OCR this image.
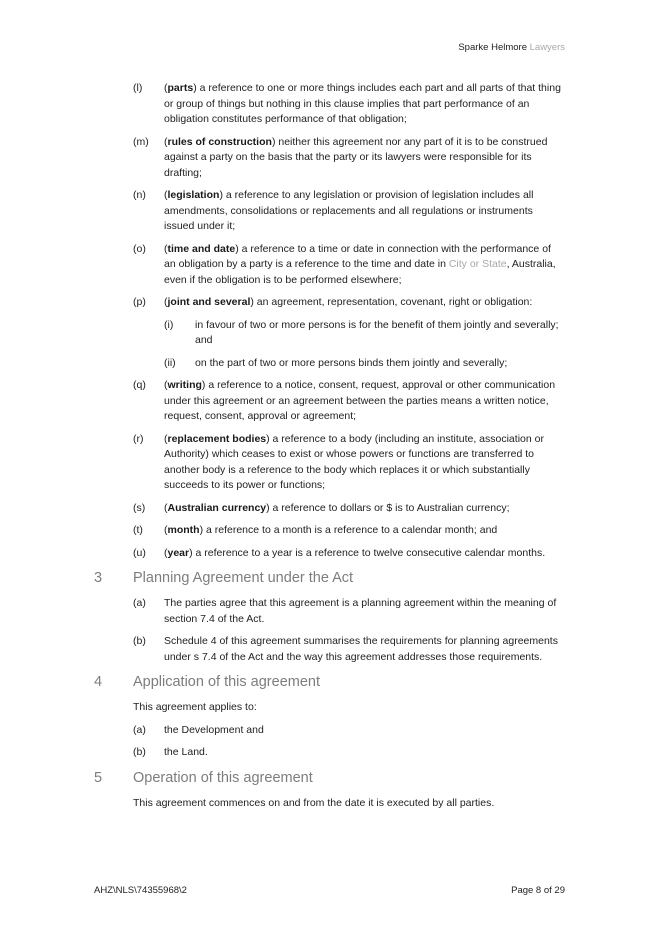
Sparke Helmore Lawyers
(l) (parts) a reference to one or more things includes each part and all parts of that thing or group of things but nothing in this clause implies that part performance of an obligation constitutes performance of that obligation;
(m) (rules of construction) neither this agreement nor any part of it is to be construed against a party on the basis that the party or its lawyers were responsible for its drafting;
(n) (legislation) a reference to any legislation or provision of legislation includes all amendments, consolidations or replacements and all regulations or instruments issued under it;
(o) (time and date) a reference to a time or date in connection with the performance of an obligation by a party is a reference to the time and date in City or State, Australia, even if the obligation is to be performed elsewhere;
(p) (joint and several) an agreement, representation, covenant, right or obligation:
(i) in favour of two or more persons is for the benefit of them jointly and severally; and
(ii) on the part of two or more persons binds them jointly and severally;
(q) (writing) a reference to a notice, consent, request, approval or other communication under this agreement or an agreement between the parties means a written notice, request, consent, approval or agreement;
(r) (replacement bodies) a reference to a body (including an institute, association or Authority) which ceases to exist or whose powers or functions are transferred to another body is a reference to the body which replaces it or which substantially succeeds to its power or functions;
(s) (Australian currency) a reference to dollars or $ is to Australian currency;
(t) (month) a reference to a month is a reference to a calendar month; and
(u) (year) a reference to a year is a reference to twelve consecutive calendar months.
3 Planning Agreement under the Act
(a) The parties agree that this agreement is a planning agreement within the meaning of section 7.4 of the Act.
(b) Schedule 4 of this agreement summarises the requirements for planning agreements under s 7.4 of the Act and the way this agreement addresses those requirements.
4 Application of this agreement
This agreement applies to:
(a) the Development and
(b) the Land.
5 Operation of this agreement
This agreement commences on and from the date it is executed by all parties.
AHZ\NLS\74355968\2	Page 8 of 29
